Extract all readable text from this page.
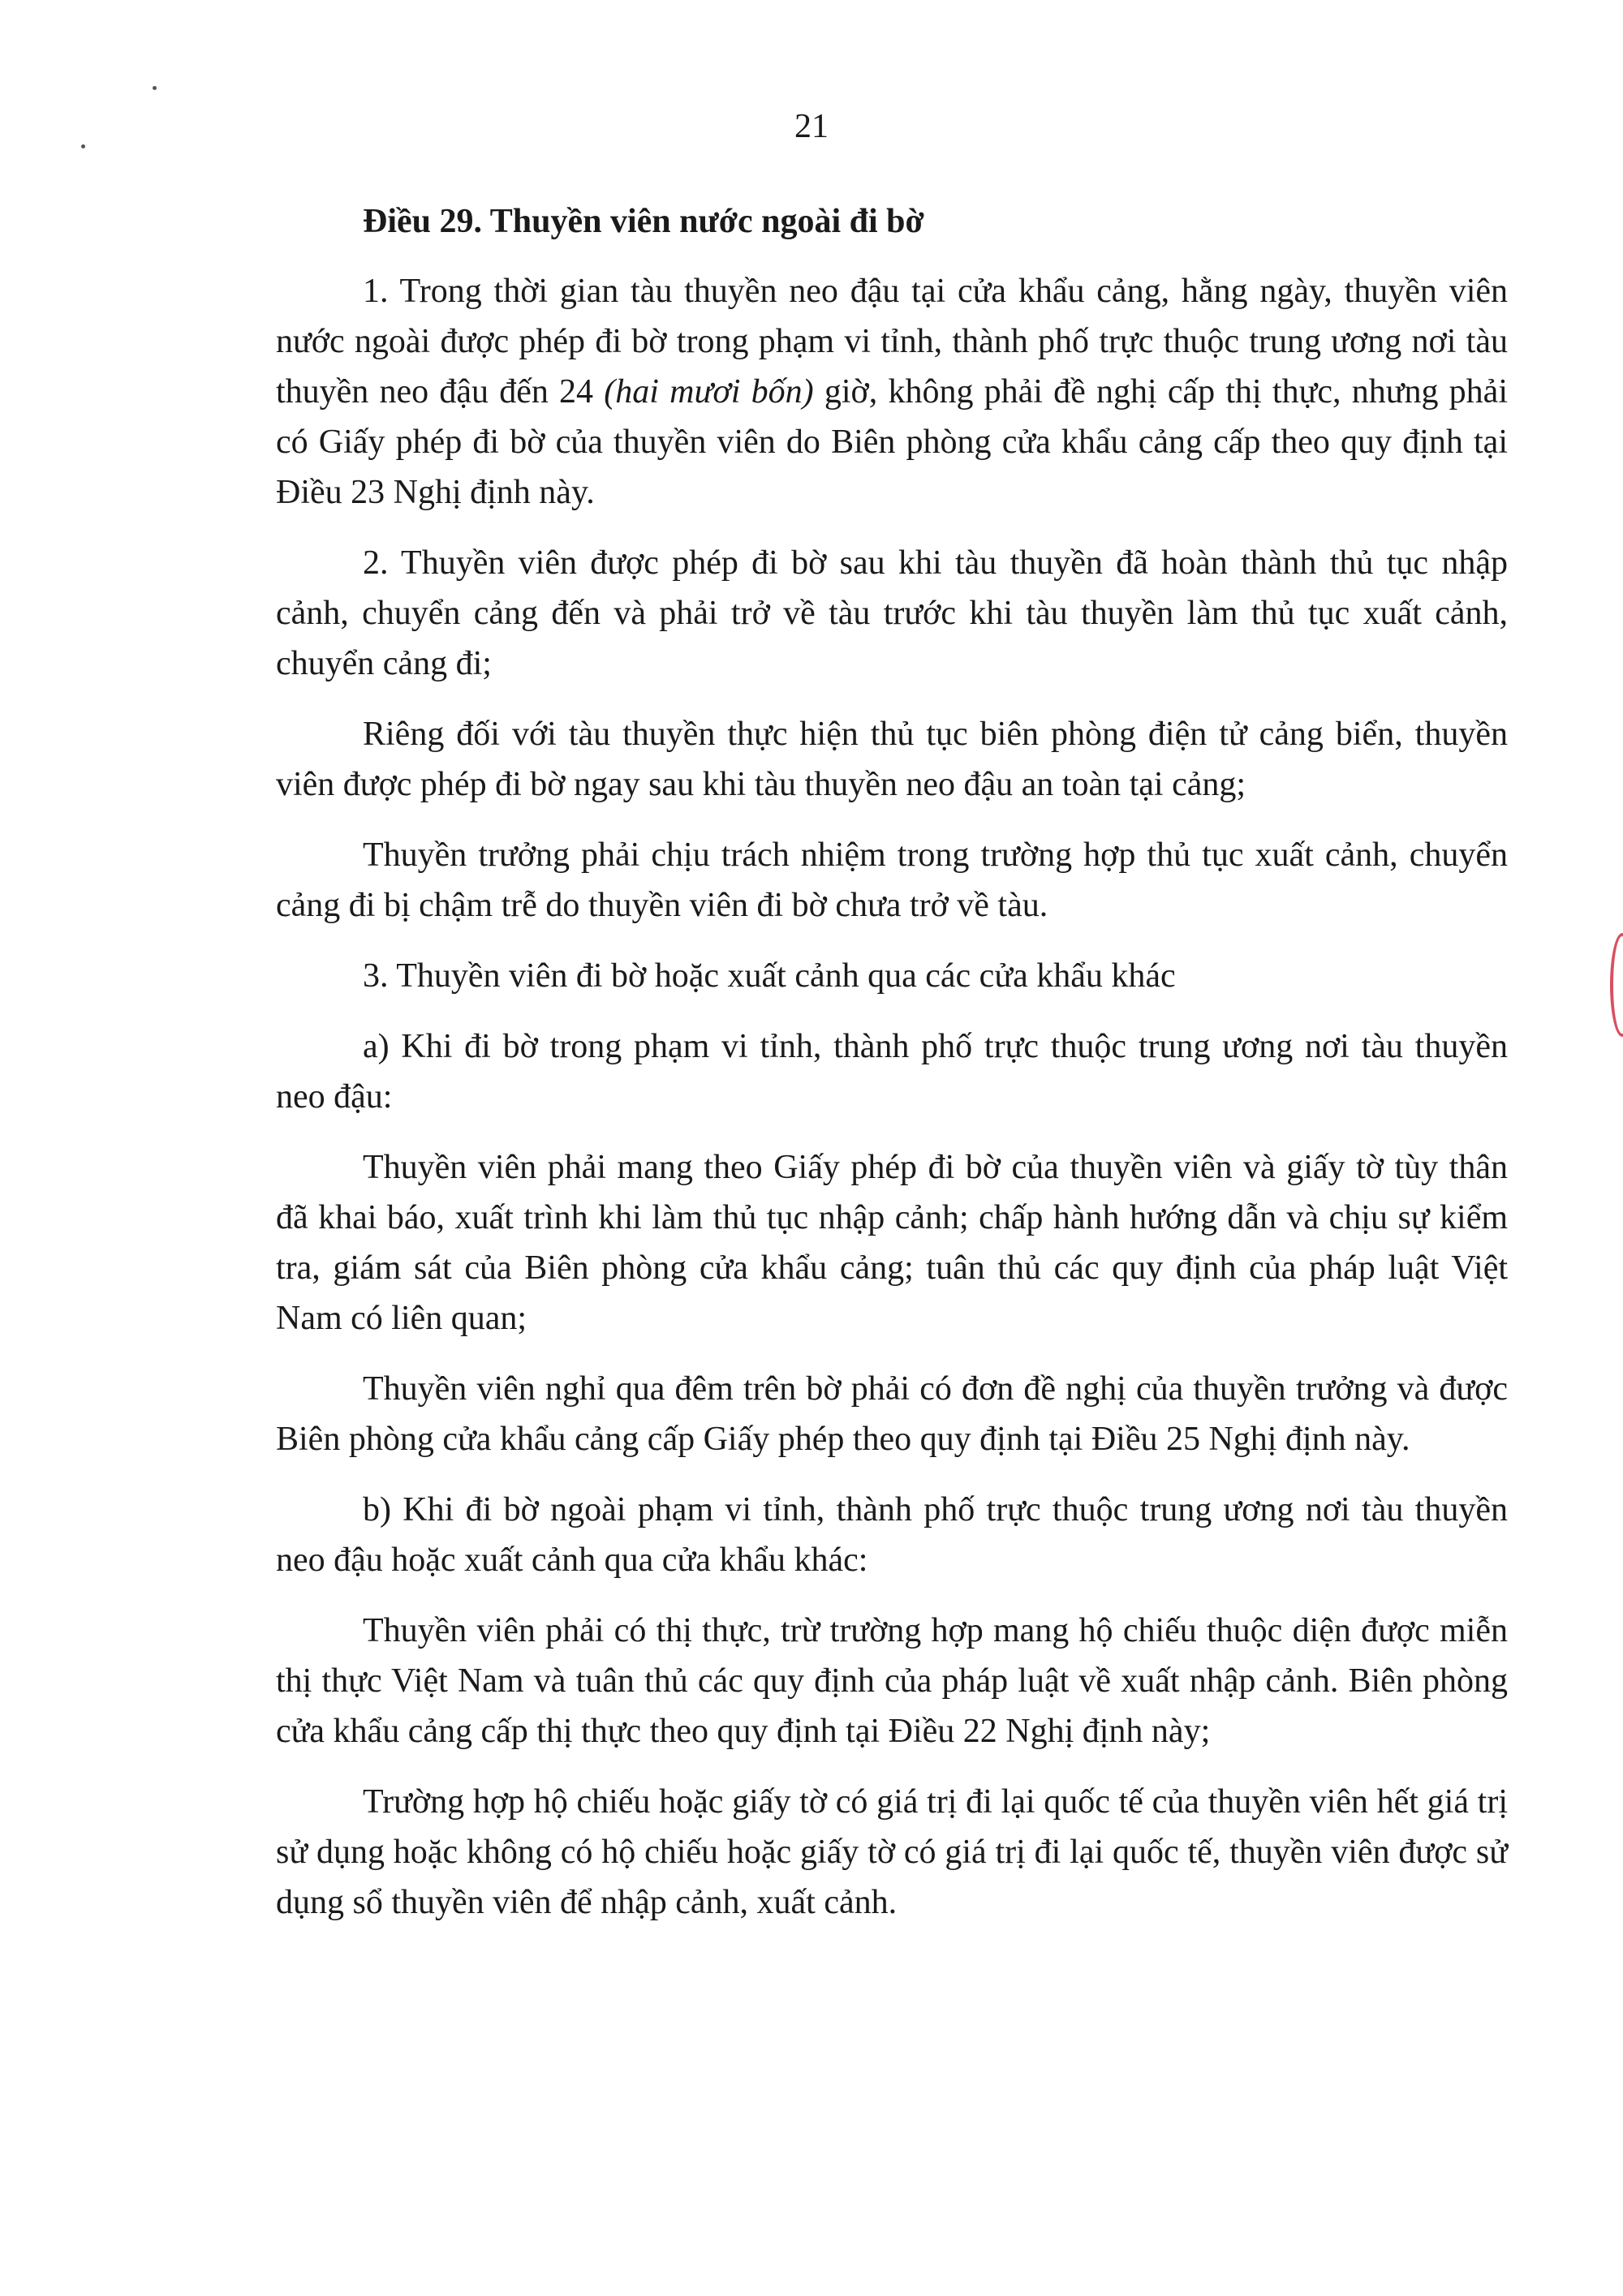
21

Điều 29. Thuyền viên nước ngoài đi bờ

1. Trong thời gian tàu thuyền neo đậu tại cửa khẩu cảng, hằng ngày, thuyền viên nước ngoài được phép đi bờ trong phạm vi tỉnh, thành phố trực thuộc trung ương nơi tàu thuyền neo đậu đến 24 (hai mươi bốn) giờ, không phải đề nghị cấp thị thực, nhưng phải có Giấy phép đi bờ của thuyền viên do Biên phòng cửa khẩu cảng cấp theo quy định tại Điều 23 Nghị định này.

2. Thuyền viên được phép đi bờ sau khi tàu thuyền đã hoàn thành thủ tục nhập cảnh, chuyển cảng đến và phải trở về tàu trước khi tàu thuyền làm thủ tục xuất cảnh, chuyển cảng đi;

Riêng đối với tàu thuyền thực hiện thủ tục biên phòng điện tử cảng biển, thuyền viên được phép đi bờ ngay sau khi tàu thuyền neo đậu an toàn tại cảng;

Thuyền trưởng phải chịu trách nhiệm trong trường hợp thủ tục xuất cảnh, chuyển cảng đi bị chậm trễ do thuyền viên đi bờ chưa trở về tàu.

3. Thuyền viên đi bờ hoặc xuất cảnh qua các cửa khẩu khác

a) Khi đi bờ trong phạm vi tỉnh, thành phố trực thuộc trung ương nơi tàu thuyền neo đậu:

Thuyền viên phải mang theo Giấy phép đi bờ của thuyền viên và giấy tờ tùy thân đã khai báo, xuất trình khi làm thủ tục nhập cảnh; chấp hành hướng dẫn và chịu sự kiểm tra, giám sát của Biên phòng cửa khẩu cảng; tuân thủ các quy định của pháp luật Việt Nam có liên quan;

Thuyền viên nghỉ qua đêm trên bờ phải có đơn đề nghị của thuyền trưởng và được Biên phòng cửa khẩu cảng cấp Giấy phép theo quy định tại Điều 25 Nghị định này.

b) Khi đi bờ ngoài phạm vi tỉnh, thành phố trực thuộc trung ương nơi tàu thuyền neo đậu hoặc xuất cảnh qua cửa khẩu khác:

Thuyền viên phải có thị thực, trừ trường hợp mang hộ chiếu thuộc diện được miễn thị thực Việt Nam và tuân thủ các quy định của pháp luật về xuất nhập cảnh. Biên phòng cửa khẩu cảng cấp thị thực theo quy định tại Điều 22 Nghị định này;

Trường hợp hộ chiếu hoặc giấy tờ có giá trị đi lại quốc tế của thuyền viên hết giá trị sử dụng hoặc không có hộ chiếu hoặc giấy tờ có giá trị đi lại quốc tế, thuyền viên được sử dụng sổ thuyền viên để nhập cảnh, xuất cảnh.
